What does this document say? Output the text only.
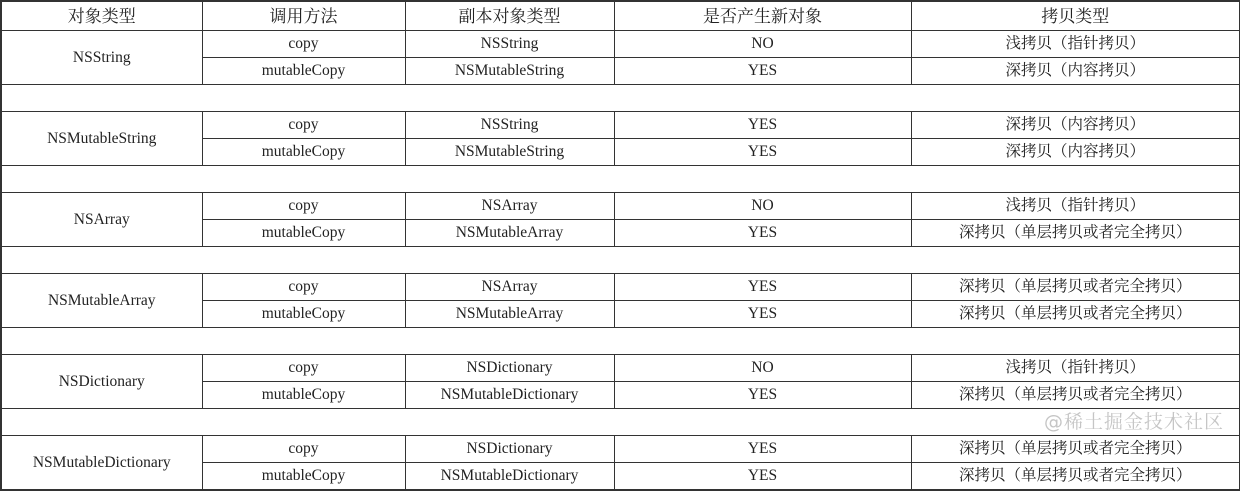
对象类型	调用方法	副本对象类型	是否产生新对象	拷贝类型
NSString	copy	NSString	NO	浅拷贝（指针拷贝）
	mutableCopy	NSMutableString	YES	深拷贝（内容拷贝）

NSMutableString	copy	NSString	YES	深拷贝（内容拷贝）
	mutableCopy	NSMutableString	YES	深拷贝（内容拷贝）

NSArray	copy	NSArray	NO	浅拷贝（指针拷贝）
	mutableCopy	NSMutableArray	YES	深拷贝（单层拷贝或者完全拷贝）

NSMutableArray	copy	NSArray	YES	深拷贝（单层拷贝或者完全拷贝）
	mutableCopy	NSMutableArray	YES	深拷贝（单层拷贝或者完全拷贝）

NSDictionary	copy	NSDictionary	NO	浅拷贝（指针拷贝）
	mutableCopy	NSMutableDictionary	YES	深拷贝（单层拷贝或者完全拷贝）

NSMutableDictionary	copy	NSDictionary	YES	深拷贝（单层拷贝或者完全拷贝）
	mutableCopy	NSMutableDictionary	YES	深拷贝（单层拷贝或者完全拷贝）
@稀土掘金技术社区
